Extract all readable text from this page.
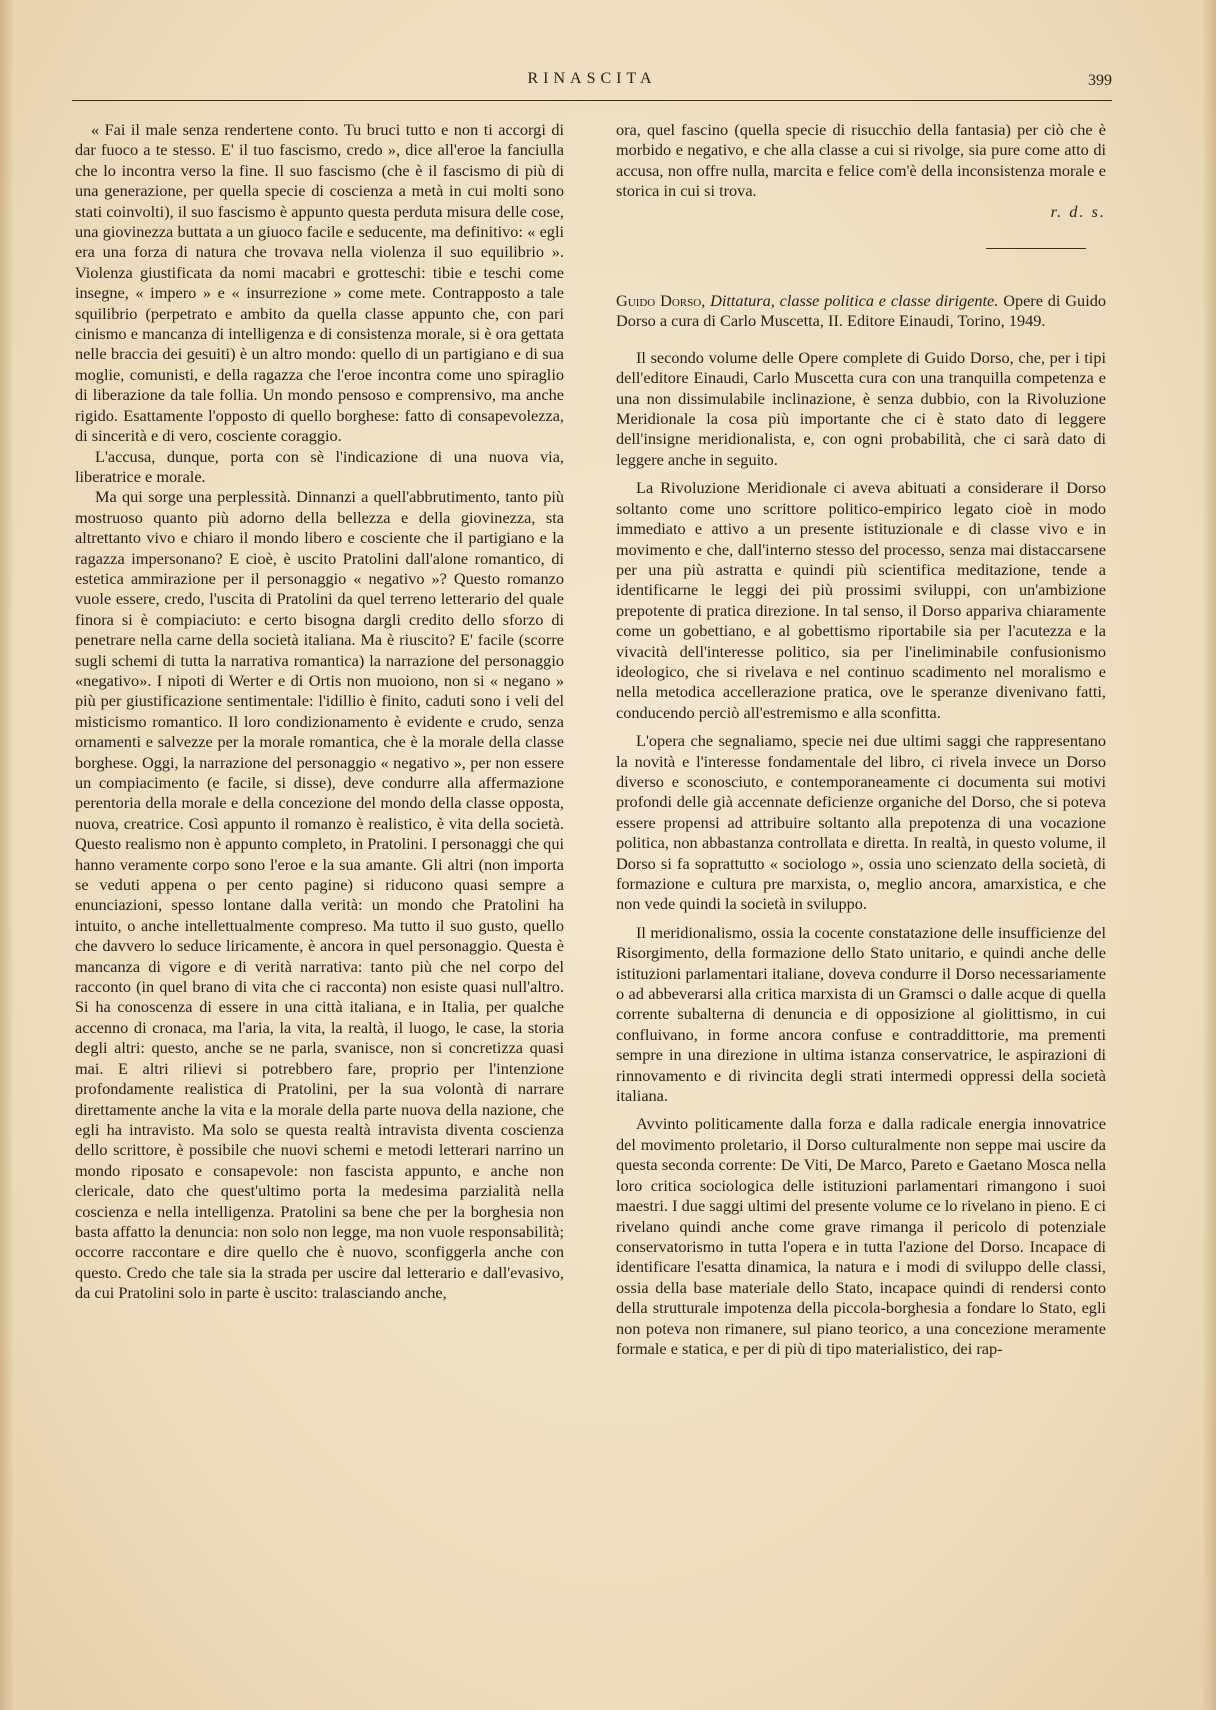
RINASCITA	399

« Fai il male senza rendertene conto. Tu bruci tutto e non ti accorgi di dar fuoco a te stesso. E' il tuo fascismo, credo », dice all'eroe la fanciulla che lo incontra verso la fine. Il suo fascismo (che è il fascismo di più di una generazione, per quella specie di coscienza a metà in cui molti sono stati coinvolti), il suo fascismo è appunto questa perduta misura delle cose, una giovinezza buttata a un giuoco facile e seducente, ma definitivo: « egli era una forza di natura che trovava nella violenza il suo equilibrio ». Violenza giustificata da nomi macabri e grotteschi: tibie e teschi come insegne, « impero » e « insurrezione » come mete. Contrapposto a tale squilibrio (perpetrato e ambito da quella classe appunto che, con pari cinismo e mancanza di intelligenza e di consistenza morale, si è ora gettata nelle braccia dei gesuiti) è un altro mondo: quello di un partigiano e di sua moglie, comunisti, e della ragazza che l'eroe incontra come uno spiraglio di liberazione da tale follia. Un mondo pensoso e comprensivo, ma anche rigido. Esattamente l'opposto di quello borghese: fatto di consapevolezza, di sincerità e di vero, cosciente coraggio.

L'accusa, dunque, porta con sè l'indicazione di una nuova via, liberatrice e morale.

Ma qui sorge una perplessità. Dinnanzi a quell'abbrutimento, tanto più mostruoso quanto più adorno della bellezza e della giovinezza, sta altrettanto vivo e chiaro il mondo libero e cosciente che il partigiano e la ragazza impersonano? E cioè, è uscito Pratolini dall'alone romantico, di estetica ammirazione per il personaggio « negativo »? Questo romanzo vuole essere, credo, l'uscita di Pratolini da quel terreno letterario del quale finora si è compiaciuto: e certo bisogna dargli credito dello sforzo di penetrare nella carne della società italiana. Ma è riuscito? E' facile (scorre sugli schemi di tutta la narrativa romantica) la narrazione del personaggio «negativo». I nipoti di Werter e di Ortis non muoiono, non si « negano » più per giustificazione sentimentale: l'idillio è finito, caduti sono i veli del misticismo romantico. Il loro condizionamento è evidente e crudo, senza ornamenti e salvezze per la morale romantica, che è la morale della classe borghese. Oggi, la narrazione del personaggio « negativo », per non essere un compiacimento (e facile, si disse), deve condurre alla affermazione perentoria della morale e della concezione del mondo della classe opposta, nuova, creatrice. Così appunto il romanzo è realistico, è vita della società. Questo realismo non è appunto completo, in Pratolini. I personaggi che qui hanno veramente corpo sono l'eroe e la sua amante. Gli altri (non importa se veduti appena o per cento pagine) si riducono quasi sempre a enunciazioni, spesso lontane dalla verità: un mondo che Pratolini ha intuito, o anche intellettualmente compreso. Ma tutto il suo gusto, quello che davvero lo seduce liricamente, è ancora in quel personaggio. Questa è mancanza di vigore e di verità narrativa: tanto più che nel corpo del racconto (in quel brano di vita che ci racconta) non esiste quasi null'altro. Si ha conoscenza di essere in una città italiana, e in Italia, per qualche accenno di cronaca, ma l'aria, la vita, la realtà, il luogo, le case, la storia degli altri: questo, anche se ne parla, svanisce, non si concretizza quasi mai. E altri rilievi si potrebbero fare, proprio per l'intenzione profondamente realistica di Pratolini, per la sua volontà di narrare direttamente anche la vita e la morale della parte nuova della nazione, che egli ha intravisto. Ma solo se questa realtà intravista diventa coscienza dello scrittore, è possibile che nuovi schemi e metodi letterari narrino un mondo riposato e consapevole: non fascista appunto, e anche non clericale, dato che quest'ultimo porta la medesima parzialità nella coscienza e nella intelligenza. Pratolini sa bene che per la borghesia non basta affatto la denuncia: non solo non legge, ma non vuole responsabilità; occorre raccontare e dire quello che è nuovo, sconfiggerla anche con questo. Credo che tale sia la strada per uscire dal letterario e dall'evasivo, da cui Pratolini solo in parte è uscito: tralasciando anche,

ora, quel fascino (quella specie di risucchio della fantasia) per ciò che è morbido e negativo, e che alla classe a cui si rivolge, sia pure come atto di accusa, non offre nulla, marcita e felice com'è della inconsistenza morale e storica in cui si trova.

r. d. s.

Guido Dorso, Dittatura, classe politica e classe dirigente. Opere di Guido Dorso a cura di Carlo Muscetta, II. Editore Einaudi, Torino, 1949.

Il secondo volume delle Opere complete di Guido Dorso, che, per i tipi dell'editore Einaudi, Carlo Muscetta cura con una tranquilla competenza e una non dissimulabile inclinazione, è senza dubbio, con la Rivoluzione Meridionale la cosa più importante che ci è stato dato di leggere dell'insigne meridionalista, e, con ogni probabilità, che ci sarà dato di leggere anche in seguito.

La Rivoluzione Meridionale ci aveva abituati a considerare il Dorso soltanto come uno scrittore politico-empirico legato cioè in modo immediato e attivo a un presente istituzionale e di classe vivo e in movimento e che, dall'interno stesso del processo, senza mai distaccarsene per una più astratta e quindi più scientifica meditazione, tende a identificarne le leggi dei più prossimi sviluppi, con un'ambizione prepotente di pratica direzione. In tal senso, il Dorso appariva chiaramente come un gobettiano, e al gobettismo riportabile sia per l'acutezza e la vivacità dell'interesse politico, sia per l'ineliminabile confusionismo ideologico, che si rivelava e nel continuo scadimento nel moralismo e nella metodica accellerazione pratica, ove le speranze divenivano fatti, conducendo perciò all'estremismo e alla sconfitta.

L'opera che segnaliamo, specie nei due ultimi saggi che rappresentano la novità e l'interesse fondamentale del libro, ci rivela invece un Dorso diverso e sconosciuto, e contemporaneamente ci documenta sui motivi profondi delle già accennate deficienze organiche del Dorso, che si poteva essere propensi ad attribuire soltanto alla prepotenza di una vocazione politica, non abbastanza controllata e diretta. In realtà, in questo volume, il Dorso si fa soprattutto « sociologo », ossia uno scienzato della società, di formazione e cultura pre marxista, o, meglio ancora, amarxistica, e che non vede quindi la società in sviluppo.

Il meridionalismo, ossia la cocente constatazione delle insufficienze del Risorgimento, della formazione dello Stato unitario, e quindi anche delle istituzioni parlamentari italiane, doveva condurre il Dorso necessariamente o ad abbeverarsi alla critica marxista di un Gramsci o dalle acque di quella corrente subalterna di denuncia e di opposizione al giolittismo, in cui confluivano, in forme ancora confuse e contraddittorie, ma prementi sempre in una direzione in ultima istanza conservatrice, le aspirazioni di rinnovamento e di rivincita degli strati intermedi oppressi della società italiana.

Avvinto politicamente dalla forza e dalla radicale energia innovatrice del movimento proletario, il Dorso culturalmente non seppe mai uscire da questa seconda corrente: De Viti, De Marco, Pareto e Gaetano Mosca nella loro critica sociologica delle istituzioni parlamentari rimangono i suoi maestri. I due saggi ultimi del presente volume ce lo rivelano in pieno. E ci rivelano quindi anche come grave rimanga il pericolo di potenziale conservatorismo in tutta l'opera e in tutta l'azione del Dorso. Incapace di identificare l'esatta dinamica, la natura e i modi di sviluppo delle classi, ossia della base materiale dello Stato, incapace quindi di rendersi conto della strutturale impotenza della piccola-borghesia a fondare lo Stato, egli non poteva non rimanere, sul piano teorico, a una concezione meramente formale e statica, e per di più di tipo materialistico, dei rap-
